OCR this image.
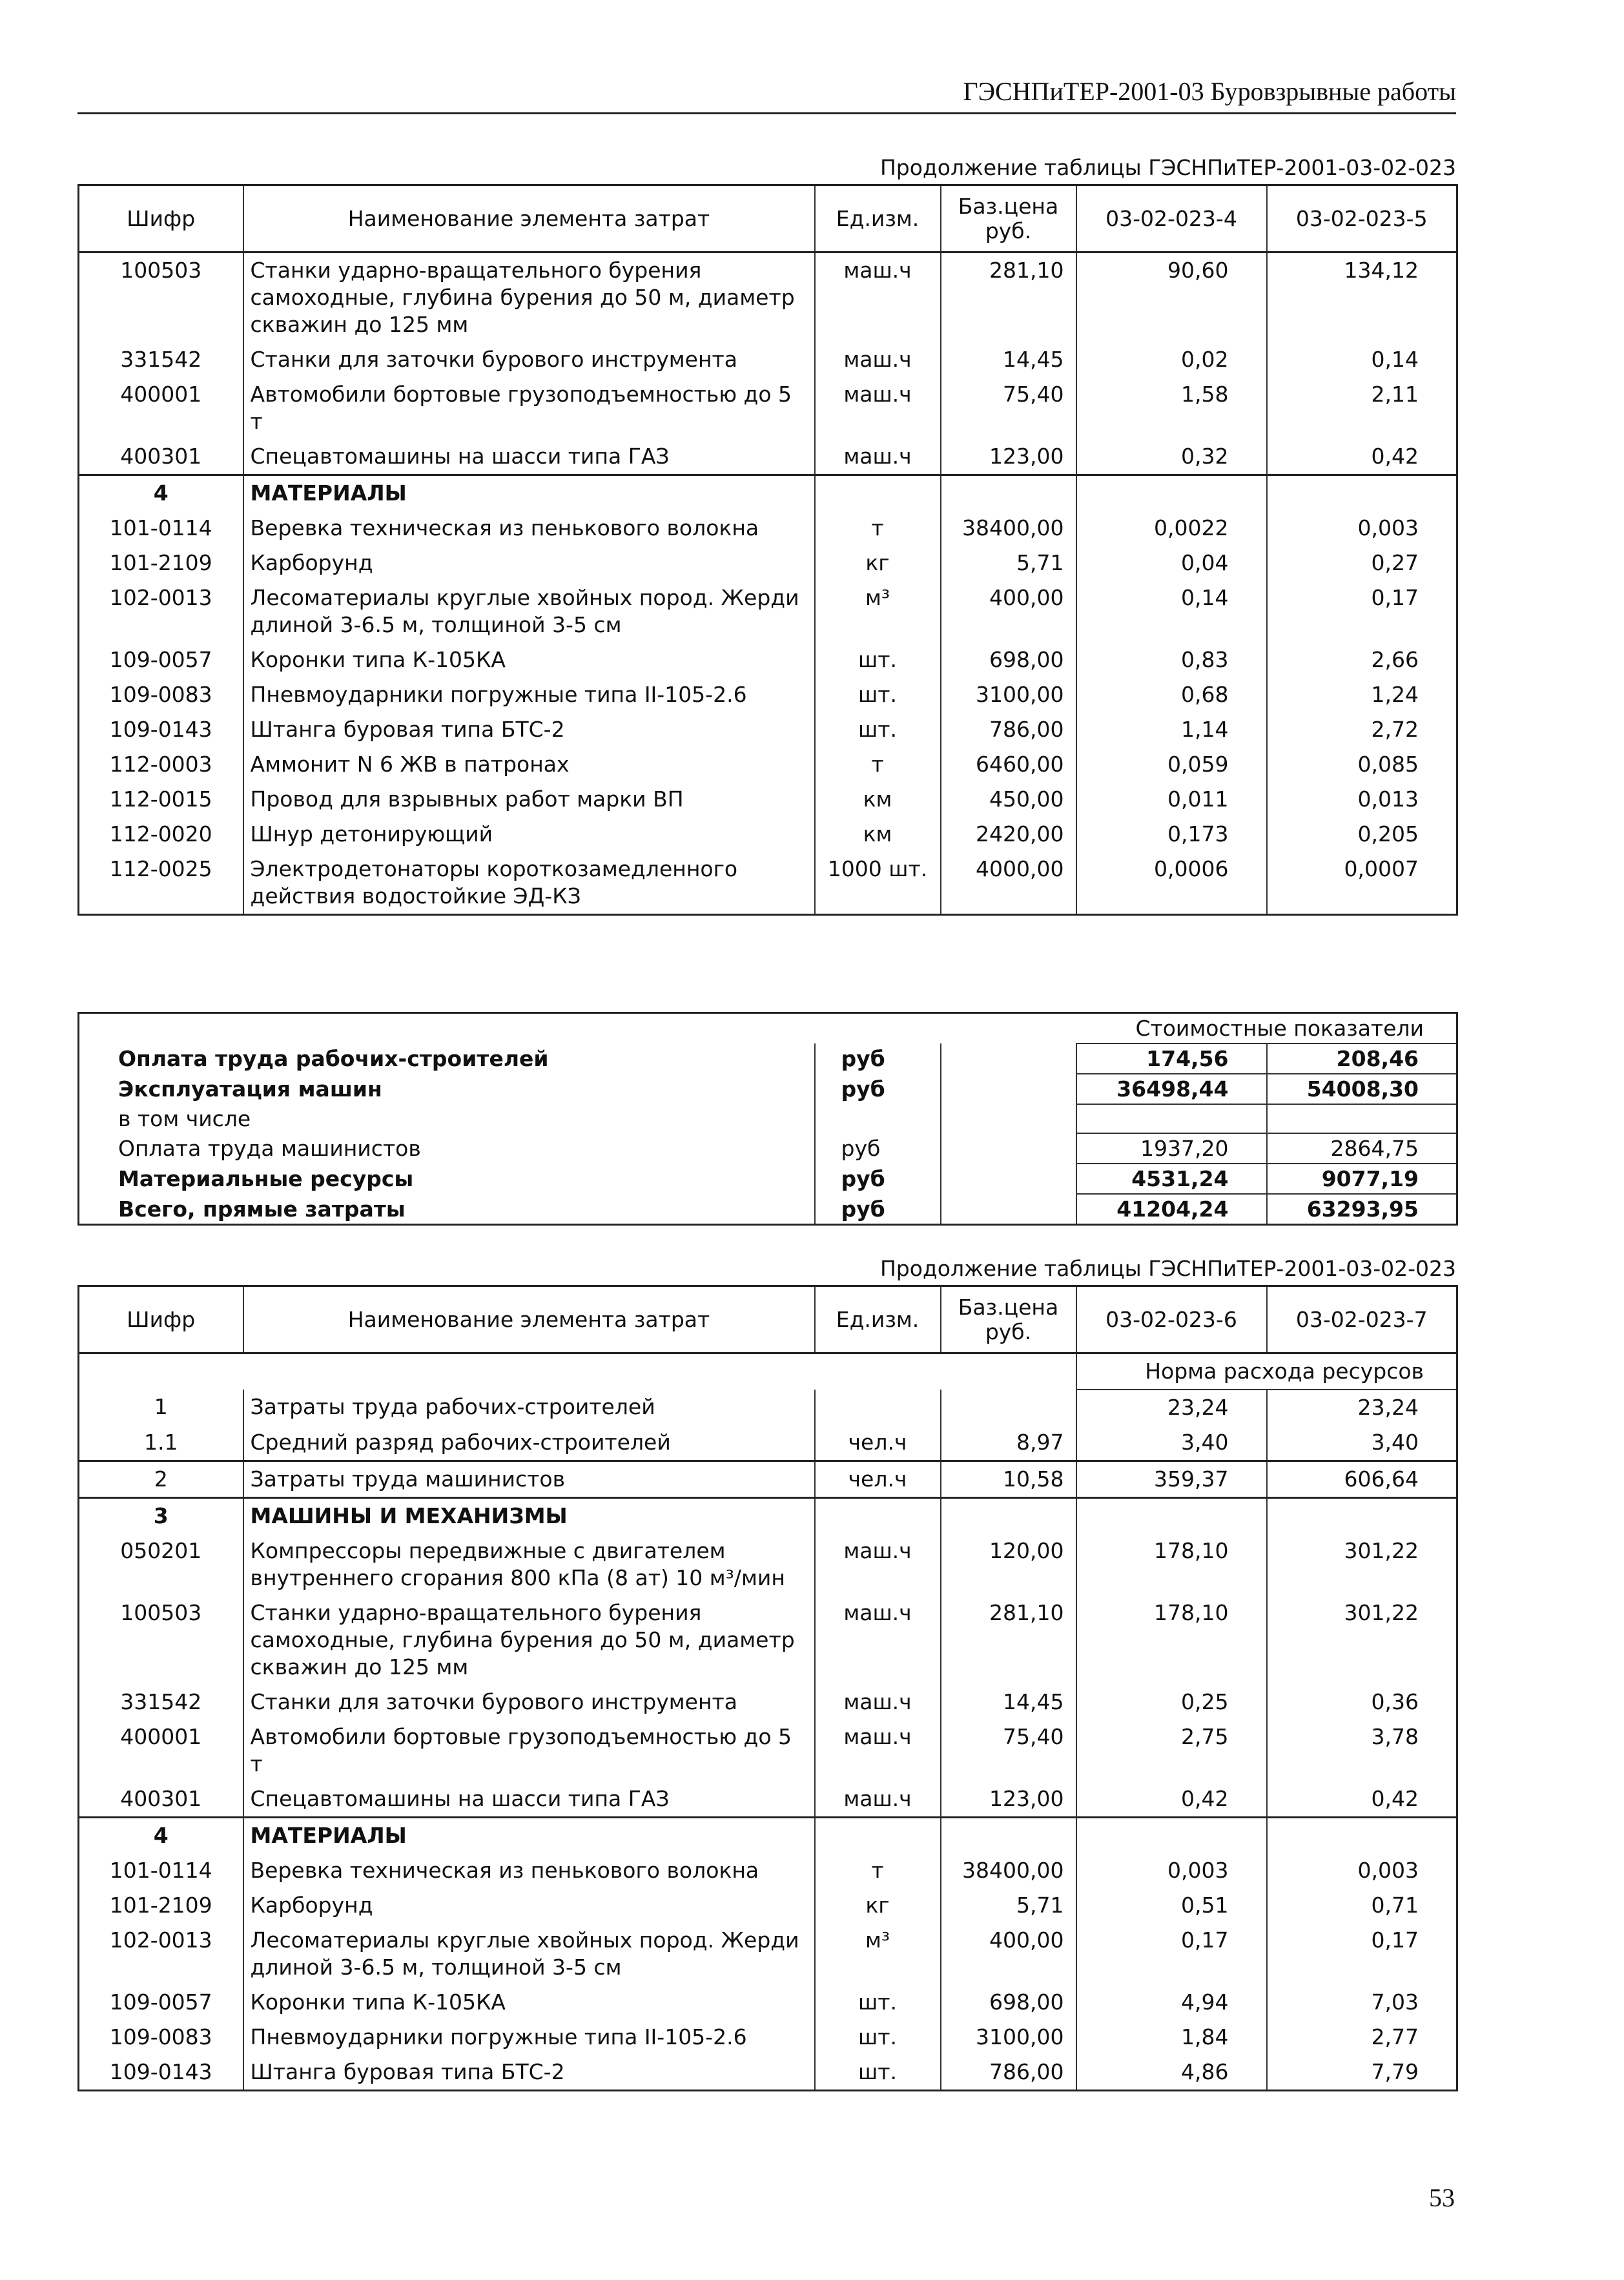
ГЭСНПиТЕР-2001-03 Буровзрывные работы
Продолжение таблицы ГЭСНПиТЕР-2001-03-02-023
Шифр	Наименование элемента затрат	Ед.изм.	Баз.цена руб.	03-02-023-4	03-02-023-5
100503	Станки ударно-вращательного бурения самоходные, глубина бурения до 50 м, диаметр скважин до 125 мм	маш.ч	281,10	90,60	134,12
331542	Станки для заточки бурового инструмента	маш.ч	14,45	0,02	0,14
400001	Автомобили бортовые грузоподъемностью до 5 т	маш.ч	75,40	1,58	2,11
400301	Спецавтомашины на шасси типа ГАЗ	маш.ч	123,00	0,32	0,42
4	МАТЕРИАЛЫ				
101-0114	Веревка техническая из пенькового волокна	т	38400,00	0,0022	0,003
101-2109	Карборунд	кг	5,71	0,04	0,27
102-0013	Лесоматериалы круглые хвойных пород. Жерди длиной 3-6.5 м, толщиной 3-5 см	м³	400,00	0,14	0,17
109-0057	Коронки типа К-105КА	шт.	698,00	0,83	2,66
109-0083	Пневмоударники погружные типа II-105-2.6	шт.	3100,00	0,68	1,24
109-0143	Штанга буровая типа БТС-2	шт.	786,00	1,14	2,72
112-0003	Аммонит N 6 ЖВ в патронах	т	6460,00	0,059	0,085
112-0015	Провод для взрывных работ марки ВП	км	450,00	0,011	0,013
112-0020	Шнур детонирующий	км	2420,00	0,173	0,205
112-0025	Электродетонаторы короткозамедленного действия водостойкие ЭД-КЗ	1000 шт.	4000,00	0,0006	0,0007
			Стоимостные показатели	
Оплата труда рабочих-строителей	руб		174,56	208,46
Эксплуатация машин	руб		36498,44	54008,30
в том числе				
Оплата труда машинистов	руб		1937,20	2864,75
Материальные ресурсы	руб		4531,24	9077,19
Всего, прямые затраты	руб		41204,24	63293,95
Продолжение таблицы ГЭСНПиТЕР-2001-03-02-023
Шифр	Наименование элемента затрат	Ед.изм.	Баз.цена руб.	03-02-023-6	03-02-023-7
				Норма расхода ресурсов	
1	Затраты труда рабочих-строителей			23,24	23,24
1.1	Средний разряд рабочих-строителей	чел.ч	8,97	3,40	3,40
2	Затраты труда машинистов	чел.ч	10,58	359,37	606,64
3	МАШИНЫ И МЕХАНИЗМЫ				
050201	Компрессоры передвижные с двигателем внутреннего сгорания 800 кПа (8 ат) 10 м³/мин	маш.ч	120,00	178,10	301,22
100503	Станки ударно-вращательного бурения самоходные, глубина бурения до 50 м, диаметр скважин до 125 мм	маш.ч	281,10	178,10	301,22
331542	Станки для заточки бурового инструмента	маш.ч	14,45	0,25	0,36
400001	Автомобили бортовые грузоподъемностью до 5 т	маш.ч	75,40	2,75	3,78
400301	Спецавтомашины на шасси типа ГАЗ	маш.ч	123,00	0,42	0,42
4	МАТЕРИАЛЫ				
101-0114	Веревка техническая из пенькового волокна	т	38400,00	0,003	0,003
101-2109	Карборунд	кг	5,71	0,51	0,71
102-0013	Лесоматериалы круглые хвойных пород. Жерди длиной 3-6.5 м, толщиной 3-5 см	м³	400,00	0,17	0,17
109-0057	Коронки типа К-105КА	шт.	698,00	4,94	7,03
109-0083	Пневмоударники погружные типа II-105-2.6	шт.	3100,00	1,84	2,77
109-0143	Штанга буровая типа БТС-2	шт.	786,00	4,86	7,79
53
